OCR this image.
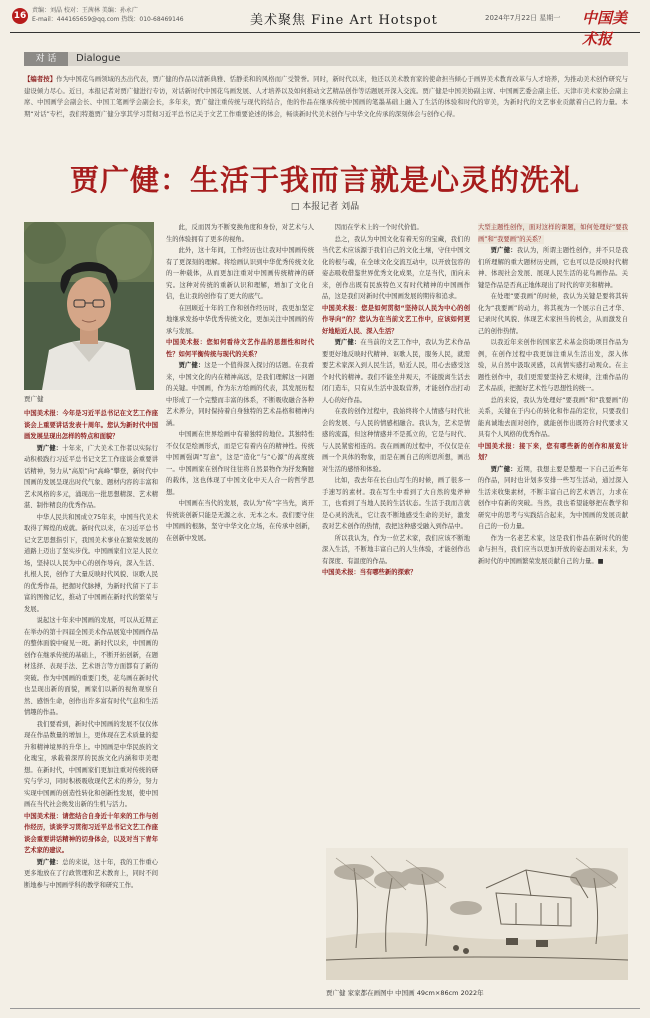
16
责编：刘晶 校对：王茜林 美编：孙永广
E-mail：444165659@qq.com 热线：010-68469146	美术聚焦 Fine Art Hotspot	2024年7月22日 星期一 中国美术报
对 话	Dialogue
【编者按】作为中国花鸟画领域的杰出代表，贾广健的作品以清新典雅、恬静柔和的风格而广受赞誉。同时，新时代以来，他还以美术教育家的使命担当倾心于画界美术教育改革与人才培养，为推动美术创作研究与建设倾力尽心。近日，本报记者对贾广健进行专访，对话新时代中国花鸟画发展、人才培养以及如何推动文艺精品创作等话题展开深入交流。贾广健是中国美协副主席、中国画艺委会副主任、天津市美术家协会副主席、中国画学会副会长、中国工笔画学会副会长，多年来，贾广健注重传统与现代的结合，他的作品在继承传统中国画的笔墨基础上融入了生活的体验和时代的审美，为新时代的文艺事业贡献着自己的力量。本期“对话”专栏，我们特邀贾广健分享其学习贯彻习近平总书记关于文艺工作重要论述的体会，畅谈新时代美术创作与中华文化传承的深刻体会与创作心得。
贾广健：生活于我而言就是心灵的洗礼
□ 本报记者 刘晶
贾广健

中国美术报：今年是习近平总书记在文艺工作座谈会上重要讲话发表十周年。您认为新时代中国画发展呈现出怎样的特点和面貌？

贾广健：十年来，广大美术工作者以实际行动积极践行习近平总书记文艺工作座谈会重要讲话精神，努力从“高原”向“高峰”攀登，新时代中国画的发展呈现出时代气象、题材内容的丰富和艺术风格的多元，涌现出一批思想精深、艺术精湛、制作精良的优秀作品。

中华人民共和国成立75年来，中国当代美术取得了辉煌的成就。新时代以来，在习近平总书记文艺思想指引下，我国美术事业在繁荣发展的道路上迈出了坚实步伐。中国画家们立足人民立场，坚持以人民为中心的创作导向，深入生活、扎根人民，创作了大量反映时代风貌、讴歌人民的优秀作品，把握时代脉搏，为新时代留下了丰富的图像记忆，推动了中国画在新时代的繁荣与发展。

说起这十年来中国画的发展，可以从近期正在举办的第十四届全国美术作品展览中国画作品的整体面貌中窥见一斑。新时代以来，中国画的创作在继承传统的基础上，不断开拓创新，在题材选择、表现手法、艺术语言等方面都有了新的突破。作为中国画的重要门类，花鸟画在新时代也呈现出新的面貌，画家们以新的视角观察自然、感悟生命，创作出许多富有时代气息和生活情趣的作品。

我们要看到，新时代中国画的发展不仅仅体现在作品数量的增加上，更体现在艺术质量的提升和精神境界的升华上。中国画是中华民族的文化瑰宝，承载着深厚的民族文化内涵和审美理想。在新时代，中国画家们更加注重对传统的研究与学习，同时积极吸收现代艺术的养分，努力实现中国画的创造性转化和创新性发展，使中国画在当代社会焕发出新的生机与活力。

中国美术报：请您结合自身近十年来的工作与创作经历，谈谈学习贯彻习近平总书记文艺工作座谈会重要讲话精神的切身体会，以及对当下青年艺术家的建议。

贾广健：总的来说，这十年，我的工作重心更多地放在了行政管理和艺术教育上，同时不间断地参与中国画学科的教学和研究工作。

此，反而因为不断变换角度和身份，对艺术与人生的体验拥有了更多的视角。

此外，这十年间，工作经历也让我对中国画传统有了更深刻的理解。将绘画认识到中华优秀传统文化的一种载体，从而更加注重对中国画传统精神的研究。这种对传统的重新认识和理解，增加了文化自信，也让我的创作有了更大的底气。

在回顾近十年的工作和创作经历时，我更加坚定地继承发扬中华优秀传统文化，更加关注中国画的传承与发展。

中国美术报：您如何看待文艺作品的思想性和时代性？如何平衡传统与现代的关系？

贾广健：这是一个值得深入探讨的话题。在我看来，中国文化的内在精神高远，是我们理解这一问题的关键。中国画，作为东方绘画的代表，其发展历程中形成了一个完整而丰富的体系，不断吸收融合各种艺术养分，同时保持着自身独特的艺术品格和精神内涵。

中国画在世界绘画中有着独特的地位。其独特性不仅仅是绘画形式，而是它有着内在的精神性。传统中国画强调“写意”，这是“造化”与“心源”的高度统一。中国画家在创作时往往将自然景物作为抒发胸臆的载体，这也体现了中国文化中天人合一的哲学思想。

中国画在当代的发展，我认为“传”字当先，离开传统谈创新只能是无源之水、无本之木。我们要守住中国画的根脉，坚守中华文化立场，在传承中创新，在创新中发展。

因而在学术上的一个时代价值。

总之，我认为中国文化有着无穷的宝藏，我们的当代艺术应该源于我们自己的文化土壤，守住中国文化的根与魂，在全球文化交流互动中，以开放包容的姿态吸收借鉴世界优秀文化成果，立足当代，面向未来，创作出既有民族特色又有时代精神的中国画作品，这是我们对新时代中国画发展的期待和追求。

中国美术报：您是如何贯彻“坚持以人民为中心的创作导向”的？您认为在当前文艺工作中，应该如何更好地贴近人民、深入生活？

贾广健：在当前的文艺工作中，我认为艺术作品要更好地反映时代精神、讴歌人民，服务人民，就需要艺术家深入到人民生活，贴近人民，用心去感受这个时代的精神。我们不能坐井观天，不能脱离生活去闭门造车，只有从生活中汲取营养，才能创作出打动人心的好作品。

在我的创作过程中，我始终将个人情感与时代社会的发展、与人民的情感相融合。我认为，艺术是情感的流露，但这种情感并不是孤立的，它是与时代、与人民紧密相连的。我在画画的过程中，不仅仅是在画一个具体的物象，而是在画自己的所思所想，画出对生活的感悟和体验。

比如，我去年在长白山写生的时候，画了很多一手速写的素材。我在写生中看到了大自然的鬼斧神工，也看到了当地人民的生活状态。生活于我而言就是心灵的洗礼，它让我不断地感受生命的美好，激发我对艺术创作的热情，我把这种感受融入到作品中。

所以我认为，作为一位艺术家，我们应该不断地深入生活，不断地丰富自己的人生体验，才能创作出有深度、有温度的作品。

中国美术报：当有哪些新的探索？

大型主题性创作，面对这样的课题，如何处理好“要我画”和“我要画”的关系？

贾广健：我认为，所谓主题性创作，并不只是我们所理解的重大题材历史画，它也可以是反映时代精神、体现社会发展、展现人民生活的花鸟画作品。关键是作品是否真正地体现出了时代的审美和精神。

在处理“要我画”的时候，我认为关键是要将其转化为“我要画”的动力，将其视为一个展示自己才华、记录时代风貌、体现艺术家担当的机会，从而激发自己的创作热情。

以我近年来创作的国家艺术基金资助项目作品为例，在创作过程中我更加注重从生活出发，深入体验，从自然中汲取灵感，以真情实感打动观众。在主题性创作中，我们更需要坚持艺术规律，注重作品的艺术品质，把握好艺术性与思想性的统一。

总的来说，我认为处理好“要我画”和“我要画”的关系，关键在于内心的转化和作品的定位，只要我们能真诚地去面对创作，就能创作出既符合时代要求又具有个人风格的优秀作品。

中国美术报：接下来，您有哪些新的创作和展览计划？

贾广健：近期，我想主要是整理一下自己近些年的作品，同时也计划多安排一些写生活动，通过深入生活来收集素材，不断丰富自己的艺术语言，力求在创作中有新的突破。当然，我也希望能够把在教学和研究中的思考与实践结合起来，为中国画的发展贡献自己的一份力量。

作为一名老艺术家，这是我们作品在新时代的使命与担当，我们应当以更加开放的姿态面对未来，为新时代的中国画繁荣发展贡献自己的力量。■

贾广健 家家都在画图中 中国画 49cm×86cm 2022年
